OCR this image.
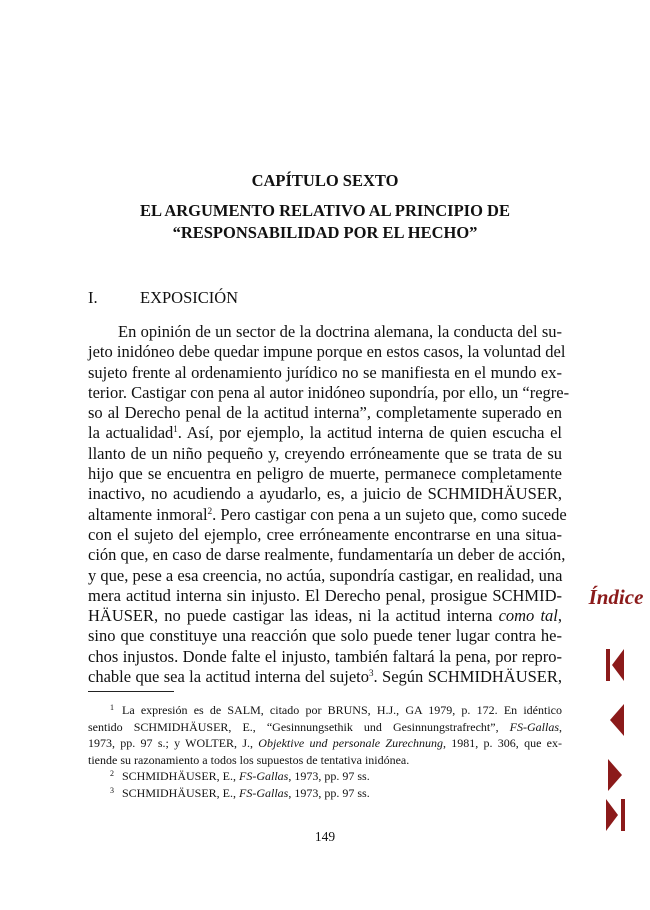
CAPÍTULO SEXTO
EL ARGUMENTO RELATIVO AL PRINCIPIO DE
“RESPONSABILIDAD POR EL HECHO”
I.	EXPOSICIÓN
En opinión de un sector de la doctrina alemana, la conducta del su-
jeto inidóneo debe quedar impune porque en estos casos, la voluntad del
sujeto frente al ordenamiento jurídico no se manifiesta en el mundo ex-
terior. Castigar con pena al autor inidóneo supondría, por ello, un “regre-
so al Derecho penal de la actitud interna”, completamente superado en
la actualidad$^1$. Así, por ejemplo, la actitud interna de quien escucha el
llanto de un niño pequeño y, creyendo erróneamente que se trata de su
hijo que se encuentra en peligro de muerte, permanece completamente
inactivo, no acudiendo a ayudarlo, es, a juicio de SCHMIDHÄUSER,
altamente inmoral$^2$. Pero castigar con pena a un sujeto que, como sucede
con el sujeto del ejemplo, cree erróneamente encontrarse en una situa-
ción que, en caso de darse realmente, fundamentaría un deber de acción,
y que, pese a esa creencia, no actúa, supondría castigar, en realidad, una
mera actitud interna sin injusto. El Derecho penal, prosigue SCHMID-
HÄUSER, no puede castigar las ideas, ni la actitud interna como tal,
sino que constituye una reacción que solo puede tener lugar contra he-
chos injustos. Donde falte el injusto, también faltará la pena, por repro-
chable que sea la actitud interna del sujeto$^3$. Según SCHMIDHÄUSER,
$^1$ La expresión es de SALM, citado por BRUNS, H.J., GA 1979, p. 172. En idéntico
sentido SCHMIDHÄUSER, E., “Gesinnungsethik und Gesinnungstrafrecht”, FS-Gallas,
1973, pp. 97 s.; y WOLTER, J., Objektive und personale Zurechnung, 1981, p. 306, que ex-
tiende su razonamiento a todos los supuestos de tentativa inidónea.
$^2$ SCHMIDHÄUSER, E., FS-Gallas, 1973, pp. 97 ss.
$^3$ SCHMIDHÄUSER, E., FS-Gallas, 1973, pp. 97 ss.
149
Índice
